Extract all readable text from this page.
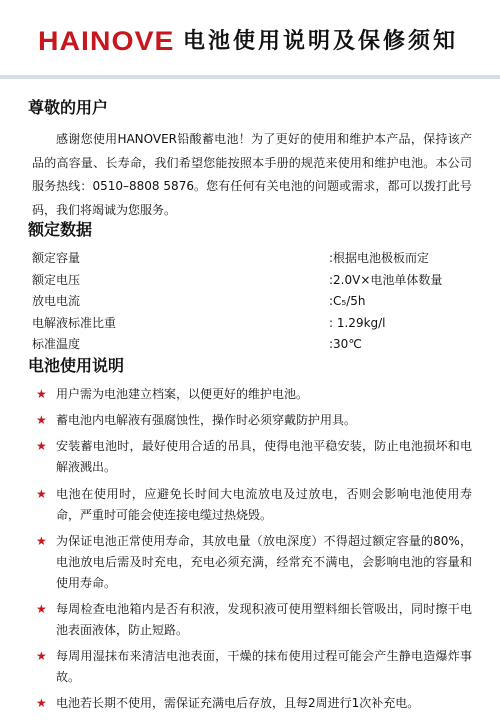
HAINOVE 电池使用说明及保修须知
尊敬的用户

感谢您使用HANOVER铅酸蓄电池！为了更好的使用和维护本产品，保持该产品的高容量、长寿命，我们希望您能按照本手册的规范来使用和维护电池。本公司服务热线：0510–8808 5876。您有任何有关电池的问题或需求，都可以拨打此号码，我们将竭诚为您服务。

额定数据
额定容量	:根据电池极板而定
额定电压	:2.0V×电池单体数量
放电电流	:C₅/5h
电解液标准比重	: 1.29kg/l
标准温度	:30℃
电池使用说明
★ 用户需为电池建立档案，以便更好的维护电池。
★ 蓄电池内电解液有强腐蚀性，操作时必须穿戴防护用具。
★ 安装蓄电池时，最好使用合适的吊具，使得电池平稳安装，防止电池损坏和电解液溅出。
★ 电池在使用时，应避免长时间大电流放电及过放电，否则会影响电池使用寿命，严重时可能会使连接电缆过热烧毁。
★ 为保证电池正常使用寿命，其放电量（放电深度）不得超过额定容量的80%，电池放电后需及时充电，充电必须充满，经常充不满电，会影响电池的容量和使用寿命。
★ 每周检查电池箱内是否有积液，发现积液可使用塑料细长管吸出，同时擦干电池表面液体，防止短路。
★ 每周用湿抹布来清洁电池表面，干燥的抹布使用过程可能会产生静电造爆炸事故。
★ 电池若长期不使用，需保证充满电后存放，且每2周进行1次补充电。
